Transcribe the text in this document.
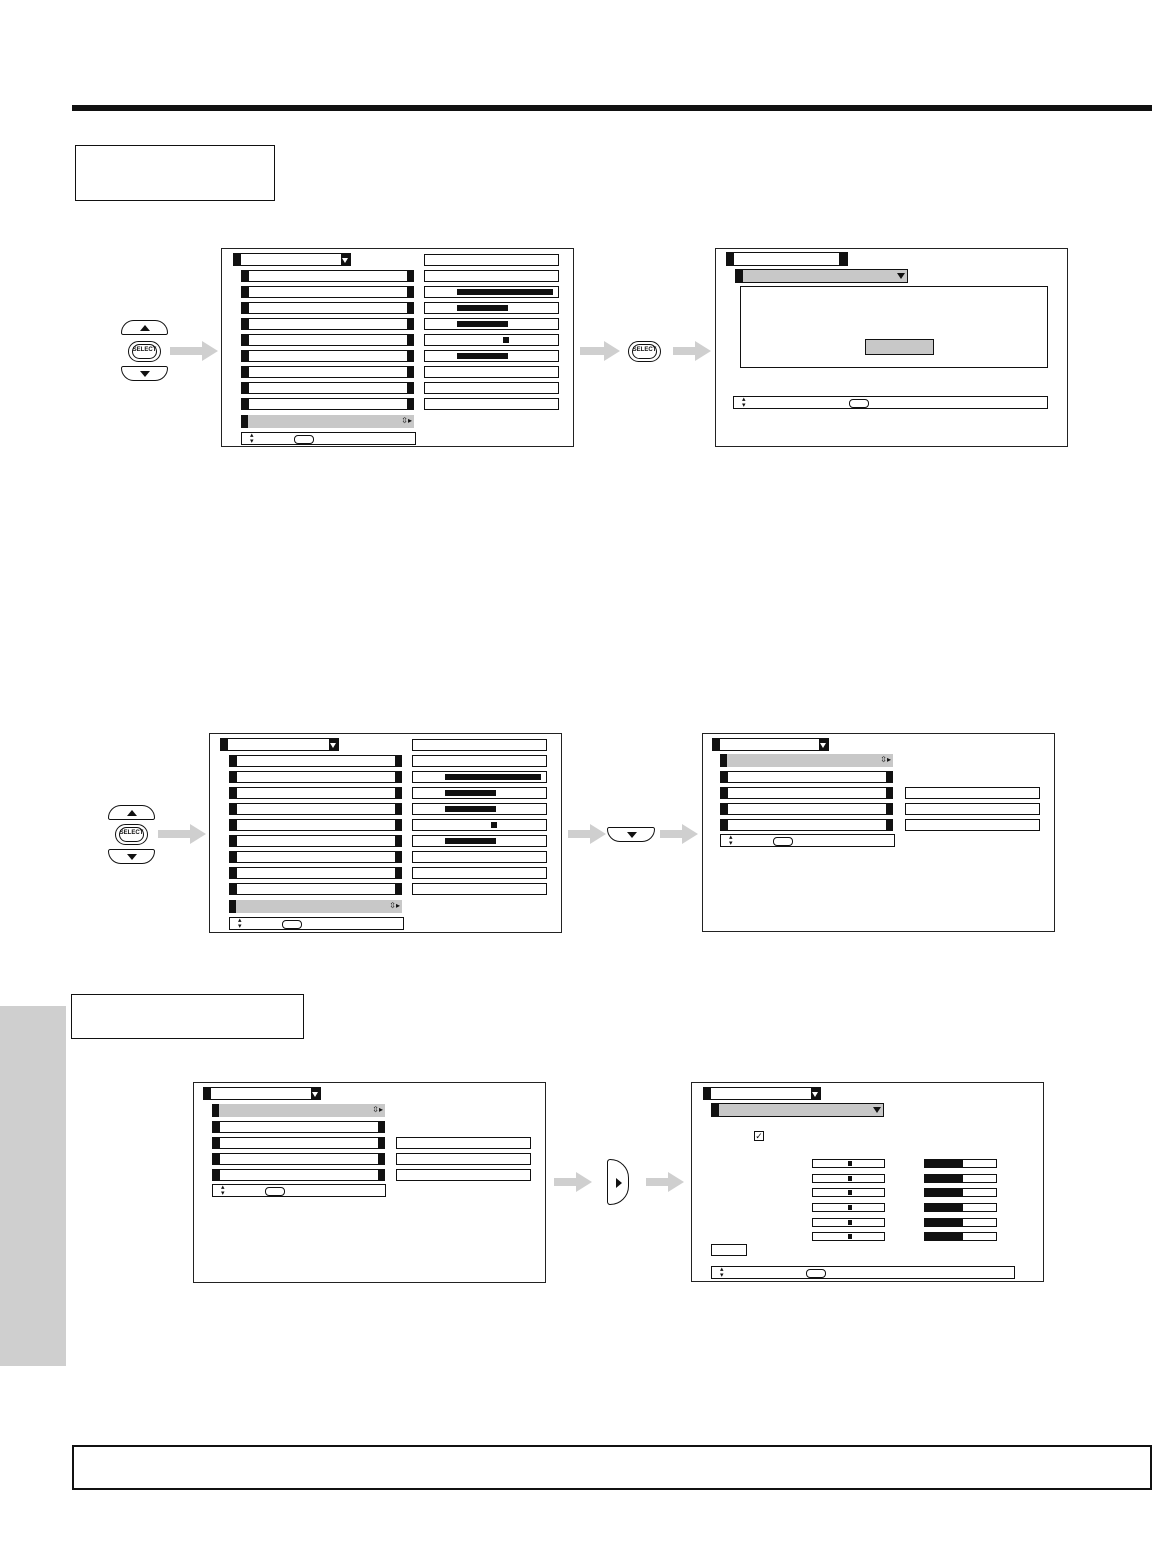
SELECT
⇳▸
▴
▾
SELECT
▴
▾
SELECT
⇳▸
▴
▾
⇳▸
▴
▾
⇳▸
▴
▾
✓
▴
▾
